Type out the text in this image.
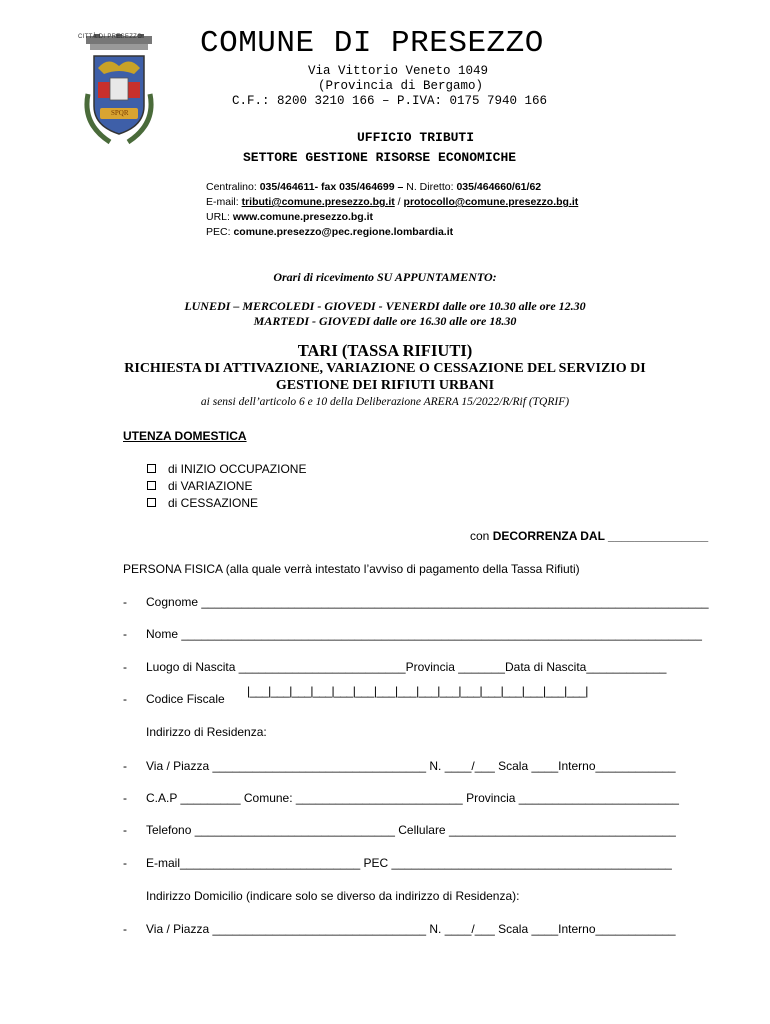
CITTÀ DI PRESEZZO
SPQR
COMUNE DI PRESEZZO
Via Vittorio Veneto 1049
(Provincia di Bergamo)
C.F.: 8200 3210 166 – P.IVA: 0175 7940 166
UFFICIO TRIBUTI
SETTORE GESTIONE RISORSE ECONOMICHE
Centralino: 035/464611- fax 035/464699 – N. Diretto: 035/464660/61/62
E-mail: tributi@comune.presezzo.bg.it / protocollo@comune.presezzo.bg.it
URL: www.comune.presezzo.bg.it
PEC: comune.presezzo@pec.regione.lombardia.it
Orari di ricevimento SU APPUNTAMENTO:
LUNEDI – MERCOLEDI - GIOVEDI - VENERDI dalle ore 10.30 alle ore 12.30
MARTEDI - GIOVEDI dalle ore 16.30 alle ore 18.30
TARI (TASSA RIFIUTI)
RICHIESTA DI ATTIVAZIONE, VARIAZIONE O CESSAZIONE DEL SERVIZIO DI
GESTIONE DEI RIFIUTI URBANI
ai sensi dell’articolo 6 e 10 della Deliberazione ARERA 15/2022/R/Rif (TQRIF)
UTENZA DOMESTICA
di INIZIO OCCUPAZIONE
di VARIAZIONE
di CESSAZIONE
con DECORRENZA DAL _______________
PERSONA FISICA (alla quale verrà intestato l’avviso di pagamento della Tassa Rifiuti)
- Cognome ____________________________________________________________________________
- Nome ______________________________________________________________________________
- Luogo di Nascita _________________________Provincia _______Data di Nascita____________
- Codice Fiscale
|___|___|___|___|___|___|___|___|___|___|___|___|___|___|___|___|
Indirizzo di Residenza:
- Via / Piazza ________________________________ N. ____/___ Scala ____Interno____________
- C.A.P _________ Comune: _________________________ Provincia ________________________
- Telefono ______________________________ Cellulare __________________________________
- E-mail___________________________ PEC __________________________________________
Indirizzo Domicilio (indicare solo se diverso da indirizzo di Residenza):
- Via / Piazza ________________________________ N. ____/___ Scala ____Interno____________
